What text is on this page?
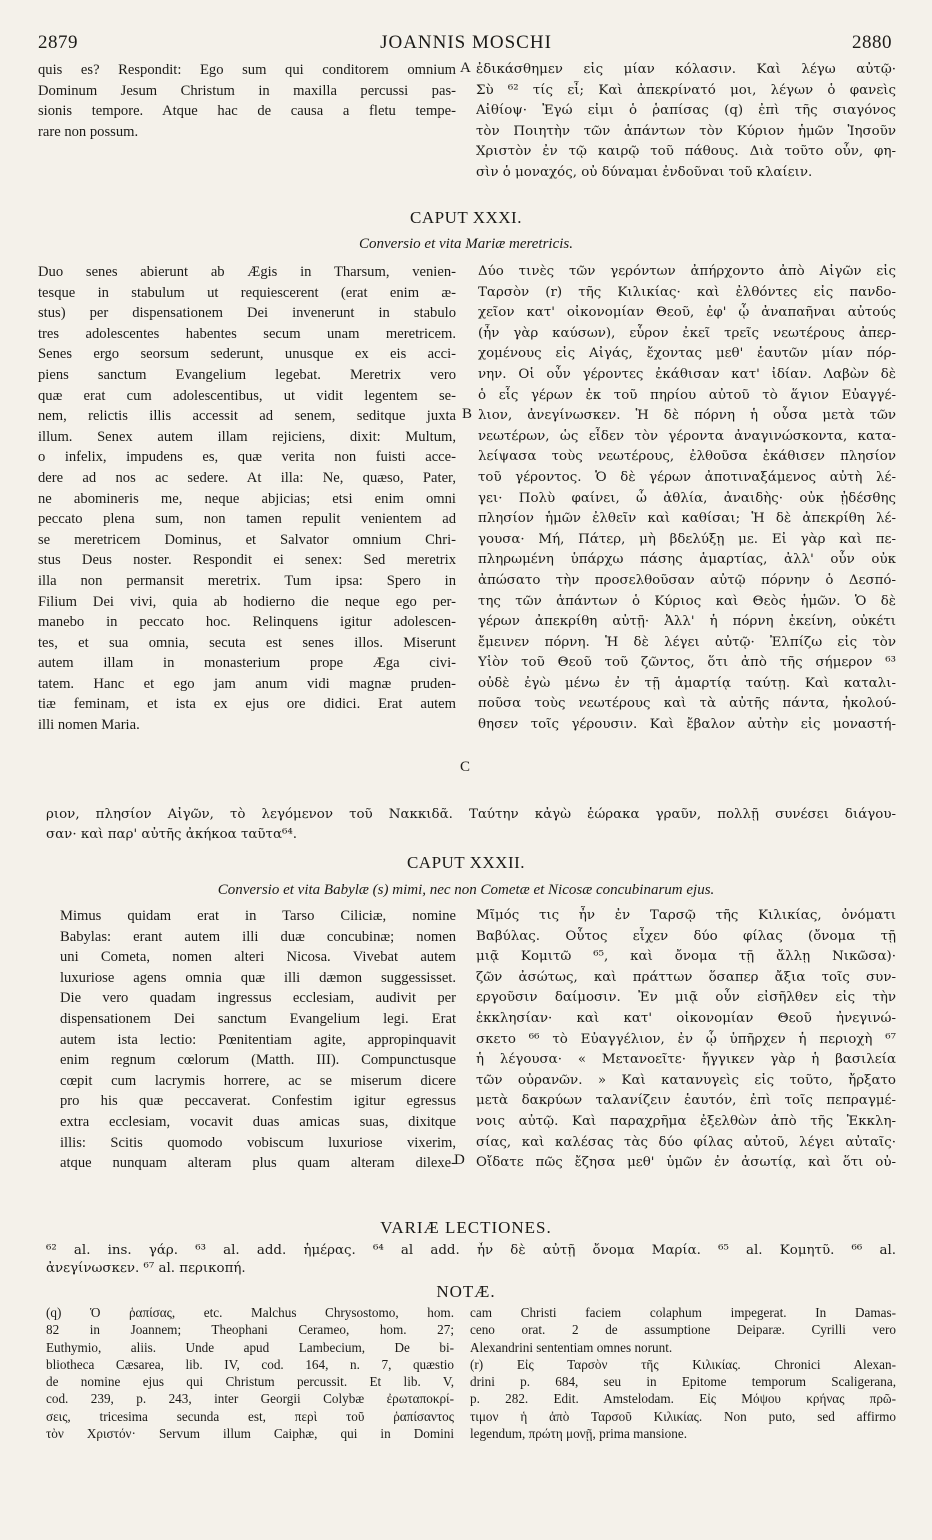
2879	JOANNIS MOSCHI	2880
quis es? Respondit: Ego sum qui conditorem omnium
Dominum Jesum Christum in maxilla percussi pas-
sionis tempore. Atque hac de causa a fletu tempe-
rare non possum.
A ἐδικάσθημεν εἰς μίαν κόλασιν. Καὶ λέγω αὐτῷ·
Σὺ ⁶² τίς εἶ; Καὶ ἀπεκρίνατό μοι, λέγων ὁ φανεὶς
Αἰθίοψ· Ἐγώ εἰμι ὁ ῥαπίσας (q) ἐπὶ τῆς σιαγόνος
τὸν Ποιητὴν τῶν ἁπάντων τὸν Κύριον ἡμῶν Ἰησοῦν
Χριστὸν ἐν τῷ καιρῷ τοῦ πάθους. Διὰ τοῦτο οὖν, φη-
σὶν ὁ μοναχός, οὐ δύναμαι ἐνδοῦναι τοῦ κλαίειν.
CAPUT XXXI.
Conversio et vita Mariæ meretricis.
Duo senes abierunt ab Ægis in Tharsum, venien-
tesque in stabulum ut requiescerent (erat enim æ-
stus) per dispensationem Dei invenerunt in stabulo
tres adolescentes habentes secum unam meretricem.
Senes ergo seorsum sederunt, unusque ex eis acci-
piens sanctum Evangelium legebat. Meretrix vero
quæ erat cum adolescentibus, ut vidit legentem se-
nem, relictis illis accessit ad senem, seditque juxta
illum. Senex autem illam rejiciens, dixit: Multum,
o infelix, impudens es, quæ verita non fuisti acce-
dere ad nos ac sedere. At illa: Ne, quæso, Pater,
ne abomineris me, neque abjicias; etsi enim omni
peccato plena sum, non tamen repulit venientem ad
se meretricem Dominus, et Salvator omnium Chri-
stus Deus noster. Respondit ei senex: Sed meretrix
illa non permansit meretrix. Tum ipsa: Spero in
Filium Dei vivi, quia ab hodierno die neque ego per-
manebo in peccato hoc. Relinquens igitur adolescen-
tes, et sua omnia, secuta est senes illos. Miserunt
autem illam in monasterium prope Æga civi-
tatem. Hanc et ego jam anum vidi magnæ pruden-
tiæ feminam, et ista ex ejus ore didici. Erat autem
illi nomen Maria.
B
C
Δύο τινὲς τῶν γερόντων ἀπήρχοντο ἀπὸ Αἰγῶν εἰς
Ταρσὸν (r) τῆς Κιλικίας· καὶ ἐλθόντες εἰς πανδο-
χεῖον κατ' οἰκονομίαν Θεοῦ, ἐφ' ᾧ ἀναπαῆναι αὐτούς
(ἦν γὰρ καύσων), εὗρον ἐκεῖ τρεῖς νεωτέρους ἀπερ-
χομένους εἰς Αἰγάς, ἔχοντας μεθ' ἑαυτῶν μίαν πόρ-
νην. Οἱ οὖν γέροντες ἐκάθισαν κατ' ἰδίαν. Λαβὼν δὲ
ὁ εἷς γέρων ἐκ τοῦ πηρίου αὐτοῦ τὸ ἅγιον Εὐαγγέ-
λιον, ἀνεγίνωσκεν. Ἡ δὲ πόρνη ἡ οὖσα μετὰ τῶν
νεωτέρων, ὡς εἶδεν τὸν γέροντα ἀναγινώσκοντα, κατα-
λείψασα τοὺς νεωτέρους, ἐλθοῦσα ἐκάθισεν πλησίον
τοῦ γέροντος. Ὁ δὲ γέρων ἀποτιναξάμενος αὐτὴ λέ-
γει· Πολὺ φαίνει, ὦ ἀθλία, ἀναιδὴς· οὐκ ᾐδέσθης
πλησίον ἡμῶν ἐλθεῖν καὶ καθίσαι; Ἡ δὲ ἀπεκρίθη λέ-
γουσα· Μή, Πάτερ, μὴ βδελύξῃ με. Εἰ γὰρ καὶ πε-
πληρωμένη ὑπάρχω πάσης ἁμαρτίας, ἀλλ' οὖν οὐκ
ἀπώσατο τὴν προσελθοῦσαν αὐτῷ πόρνην ὁ Δεσπό-
της τῶν ἁπάντων ὁ Κύριος καὶ Θεὸς ἡμῶν. Ὁ δὲ
γέρων ἀπεκρίθη αὐτῇ· Ἀλλ' ἡ πόρνη ἐκείνη, οὐκέτι
ἔμεινεν πόρνη. Ἡ δὲ λέγει αὐτῷ· Ἐλπίζω εἰς τὸν
Υἱὸν τοῦ Θεοῦ τοῦ ζῶντος, ὅτι ἀπὸ τῆς σήμερον ⁶³
οὐδὲ ἐγὼ μένω ἐν τῇ ἁμαρτίᾳ ταύτῃ. Καὶ καταλι-
ποῦσα τοὺς νεωτέρους καὶ τὰ αὐτῆς πάντα, ἠκολού-
θησεν τοῖς γέρουσιν. Καὶ ἔβαλον αὐτὴν εἰς μοναστή-
ριον, πλησίον Αἰγῶν, τὸ λεγόμενον τοῦ Νακκιδᾶ. Ταύτην κἀγὼ ἑώρακα γραῦν, πολλῇ συνέσει διάγου-
σαν· καὶ παρ' αὐτῆς ἀκήκοα ταῦτα⁶⁴.
CAPUT XXXII.
Conversio et vita Babylæ (s) mimi, nec non Cometæ et Nicosæ concubinarum ejus.
Mimus quidam erat in Tarso Ciliciæ, nomine
Babylas: erant autem illi duæ concubinæ; nomen
uni Cometa, nomen alteri Nicosa. Vivebat autem
luxuriose agens omnia quæ illi dæmon suggessisset.
Die vero quadam ingressus ecclesiam, audivit per
dispensationem Dei sanctum Evangelium legi. Erat
autem ista lectio: Pœnitentiam agite, appropinquavit
enim regnum cœlorum (Matth. III). Compunctusque
cœpit cum lacrymis horrere, ac se miserum dicere
pro his quæ peccaverat. Confestim igitur egressus
extra ecclesiam, vocavit duas amicas suas, dixitque
illis: Scitis quomodo vobiscum luxuriose vixerim,
atque nunquam alteram plus quam alteram dilexe-
D
Μῖμός τις ἦν ἐν Ταρσῷ τῆς Κιλικίας, ὀνόματι
Βαβύλας. Οὗτος εἶχεν δύο φίλας (ὄνομα τῇ
μιᾷ Κομιτῶ ⁶⁵, καὶ ὄνομα τῇ ἄλλῃ Νικῶσα)·
ζῶν ἀσώτως, καὶ πράττων ὅσαπερ ἄξια τοῖς συν-
εργοῦσιν δαίμοσιν. Ἐν μιᾷ οὖν εἰσῆλθεν εἰς τὴν
ἐκκλησίαν· καὶ κατ' οἰκονομίαν Θεοῦ ἠνεγινώ-
σκετο ⁶⁶ τὸ Εὐαγγέλιον, ἐν ᾧ ὑπῆρχεν ἡ περιοχὴ ⁶⁷
ἡ λέγουσα· « Μετανοεῖτε· ἤγγικεν γὰρ ἡ βασιλεία
τῶν οὐρανῶν. » Καὶ κατανυγεὶς εἰς τοῦτο, ἤρξατο
μετὰ δακρύων ταλανίζειν ἑαυτόν, ἐπὶ τοῖς πεπραγμέ-
νοις αὐτῷ. Καὶ παραχρῆμα ἐξελθὼν ἀπὸ τῆς Ἐκκλη-
σίας, καὶ καλέσας τὰς δύο φίλας αὐτοῦ, λέγει αὐταῖς·
Οἴδατε πῶς ἔζησα μεθ' ὑμῶν ἐν ἀσωτίᾳ, καὶ ὅτι οὐ-
VARIÆ LECTIONES.
⁶² al. ins. γάρ. ⁶³ al. add. ἡμέρας. ⁶⁴ al add. ἦν δὲ αὐτῇ ὄνομα Μαρία. ⁶⁵ al. Κομητῦ. ⁶⁶ al.
ἀνεγίνωσκεν. ⁶⁷ al. περικοπή.
NOTÆ.
(q) Ὁ ῥαπίσας, etc. Malchus Chrysostomo, hom.
82 in Joannem; Theophani Cerameo, hom. 27;
Euthymio, aliis. Unde apud Lambecium, De bi-
bliotheca Cæsarea, lib. IV, cod. 164, n. 7, quæstio
de nomine ejus qui Christum percussit. Et lib. V,
cod. 239, p. 243, inter Georgii Colybæ ἐρωταποκρί-
σεις, tricesima secunda est, περὶ τοῦ ῥαπίσαντος
τὸν Χριστόν· Servum illum Caiphæ, qui in Domini
cam Christi faciem colaphum impegerat. In Damas-
ceno orat. 2 de assumptione Deiparæ. Cyrilli vero
Alexandrini sententiam omnes norunt.
(r) Εἰς Ταρσὸν τῆς Κιλικίας. Chronici Alexan-
drini p. 684, seu in Epitome temporum Scaligerana,
p. 282. Edit. Amstelodam. Εἰς Μόψου κρήνας πρῶ-
τιμον ἡ ἀπὸ Ταρσοῦ Κιλικίας. Non puto, sed affirmo
legendum, πρώτη μονῇ, prima mansione.
